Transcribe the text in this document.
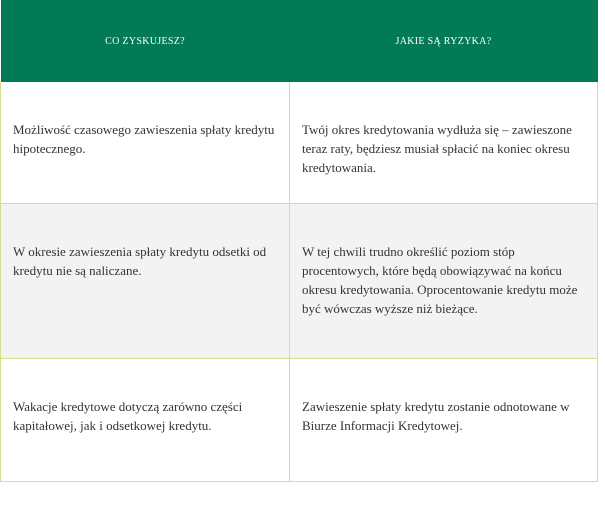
CO ZYSKUJESZ?	JAKIE SĄ RYZYKA?
Możliwość czasowego zawieszenia spłaty kredytu hipotecznego.	Twój okres kredytowania wydłuża się – zawieszone teraz raty, będziesz musiał spłacić na koniec okresu kredytowania.
W okresie zawieszenia spłaty kredytu odsetki od kredytu nie są naliczane.	W tej chwili trudno określić poziom stóp procentowych, które będą obowiązywać na końcu okresu kredytowania. Oprocentowanie kredytu może być wówczas wyższe niż bieżące.
Wakacje kredytowe dotyczą zarówno części kapitałowej, jak i odsetkowej kredytu.	Zawieszenie spłaty kredytu zostanie odnotowane w Biurze Informacji Kredytowej.
